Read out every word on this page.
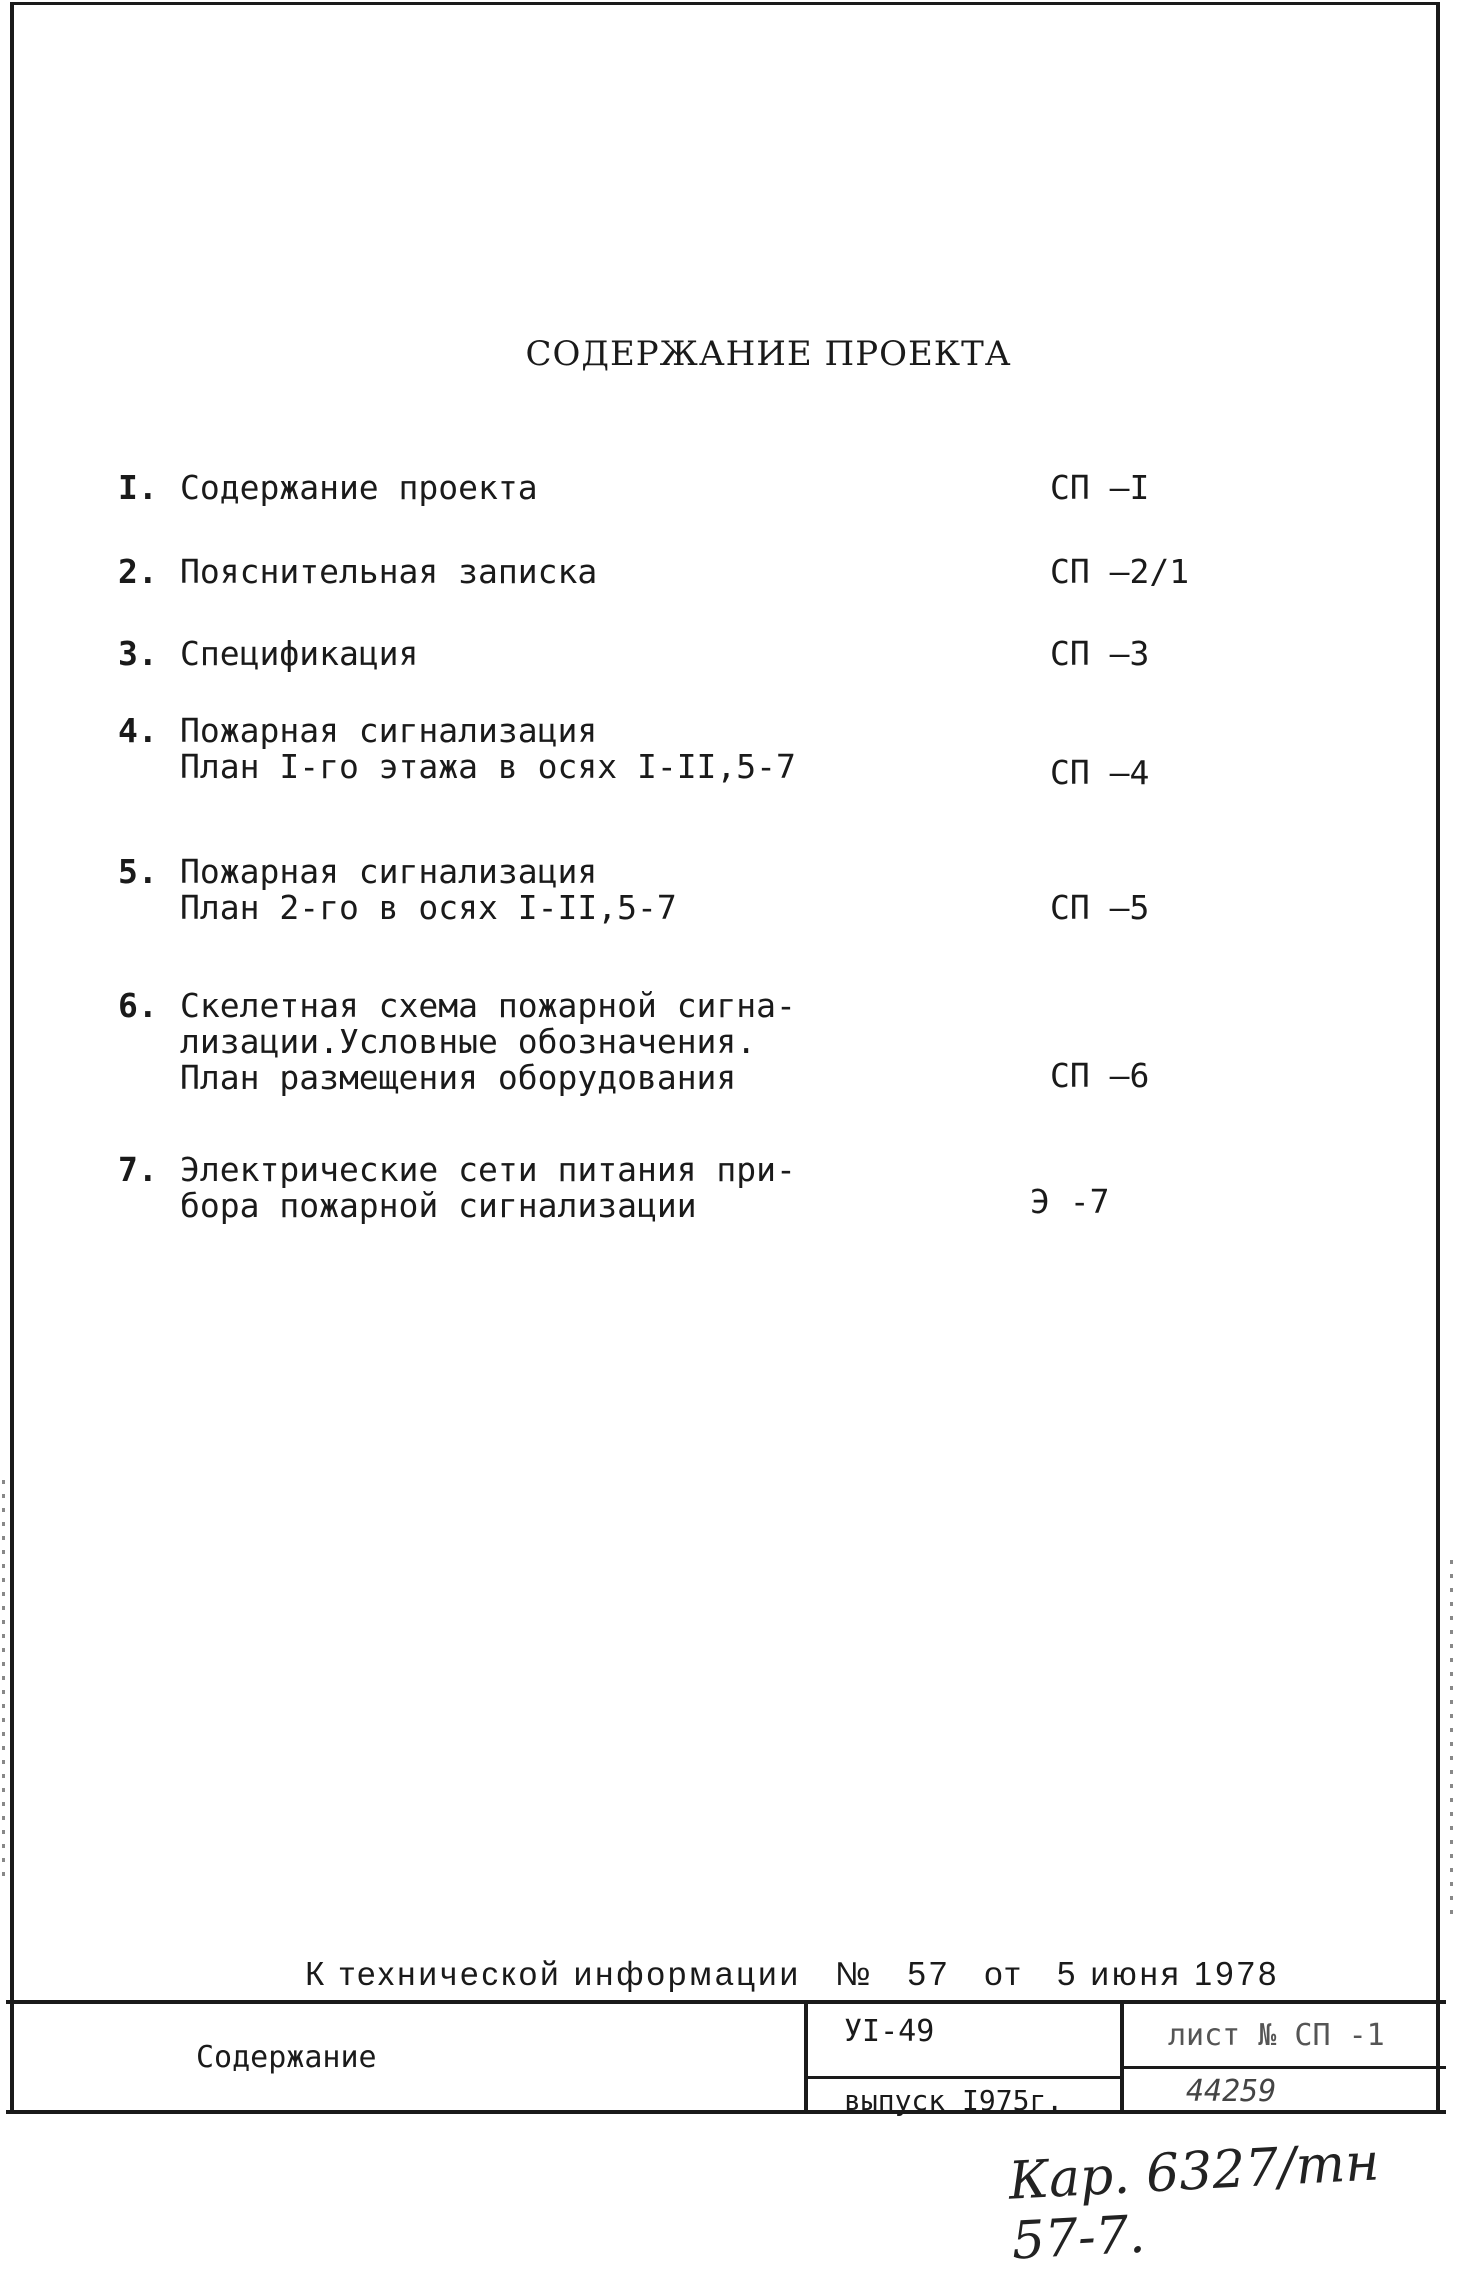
СОДЕРЖАНИЕ ПРОЕКТА
I. Содержание проекта	СП –I
2. Пояснительная записка	СП –2/1
3. Спецификация	СП –3
4. Пожарная сигнализация
План I-го этажа в осях I-II,5-7	СП –4
5. Пожарная сигнализация
План 2-го в осях I-II,5-7	СП –5
6. Скелетная схема пожарной сигна-
лизации.Условные обозначения.
План размещения оборудования	СП –6
7. Электрические сети питания при-
бора пожарной сигнализации	Э -7
К технической информации № 57 от 5 июня 1978
Содержание
УI-49	лист № СП -1
выпуск I975г.	44259
Кар. 6327/тн 57-7.
